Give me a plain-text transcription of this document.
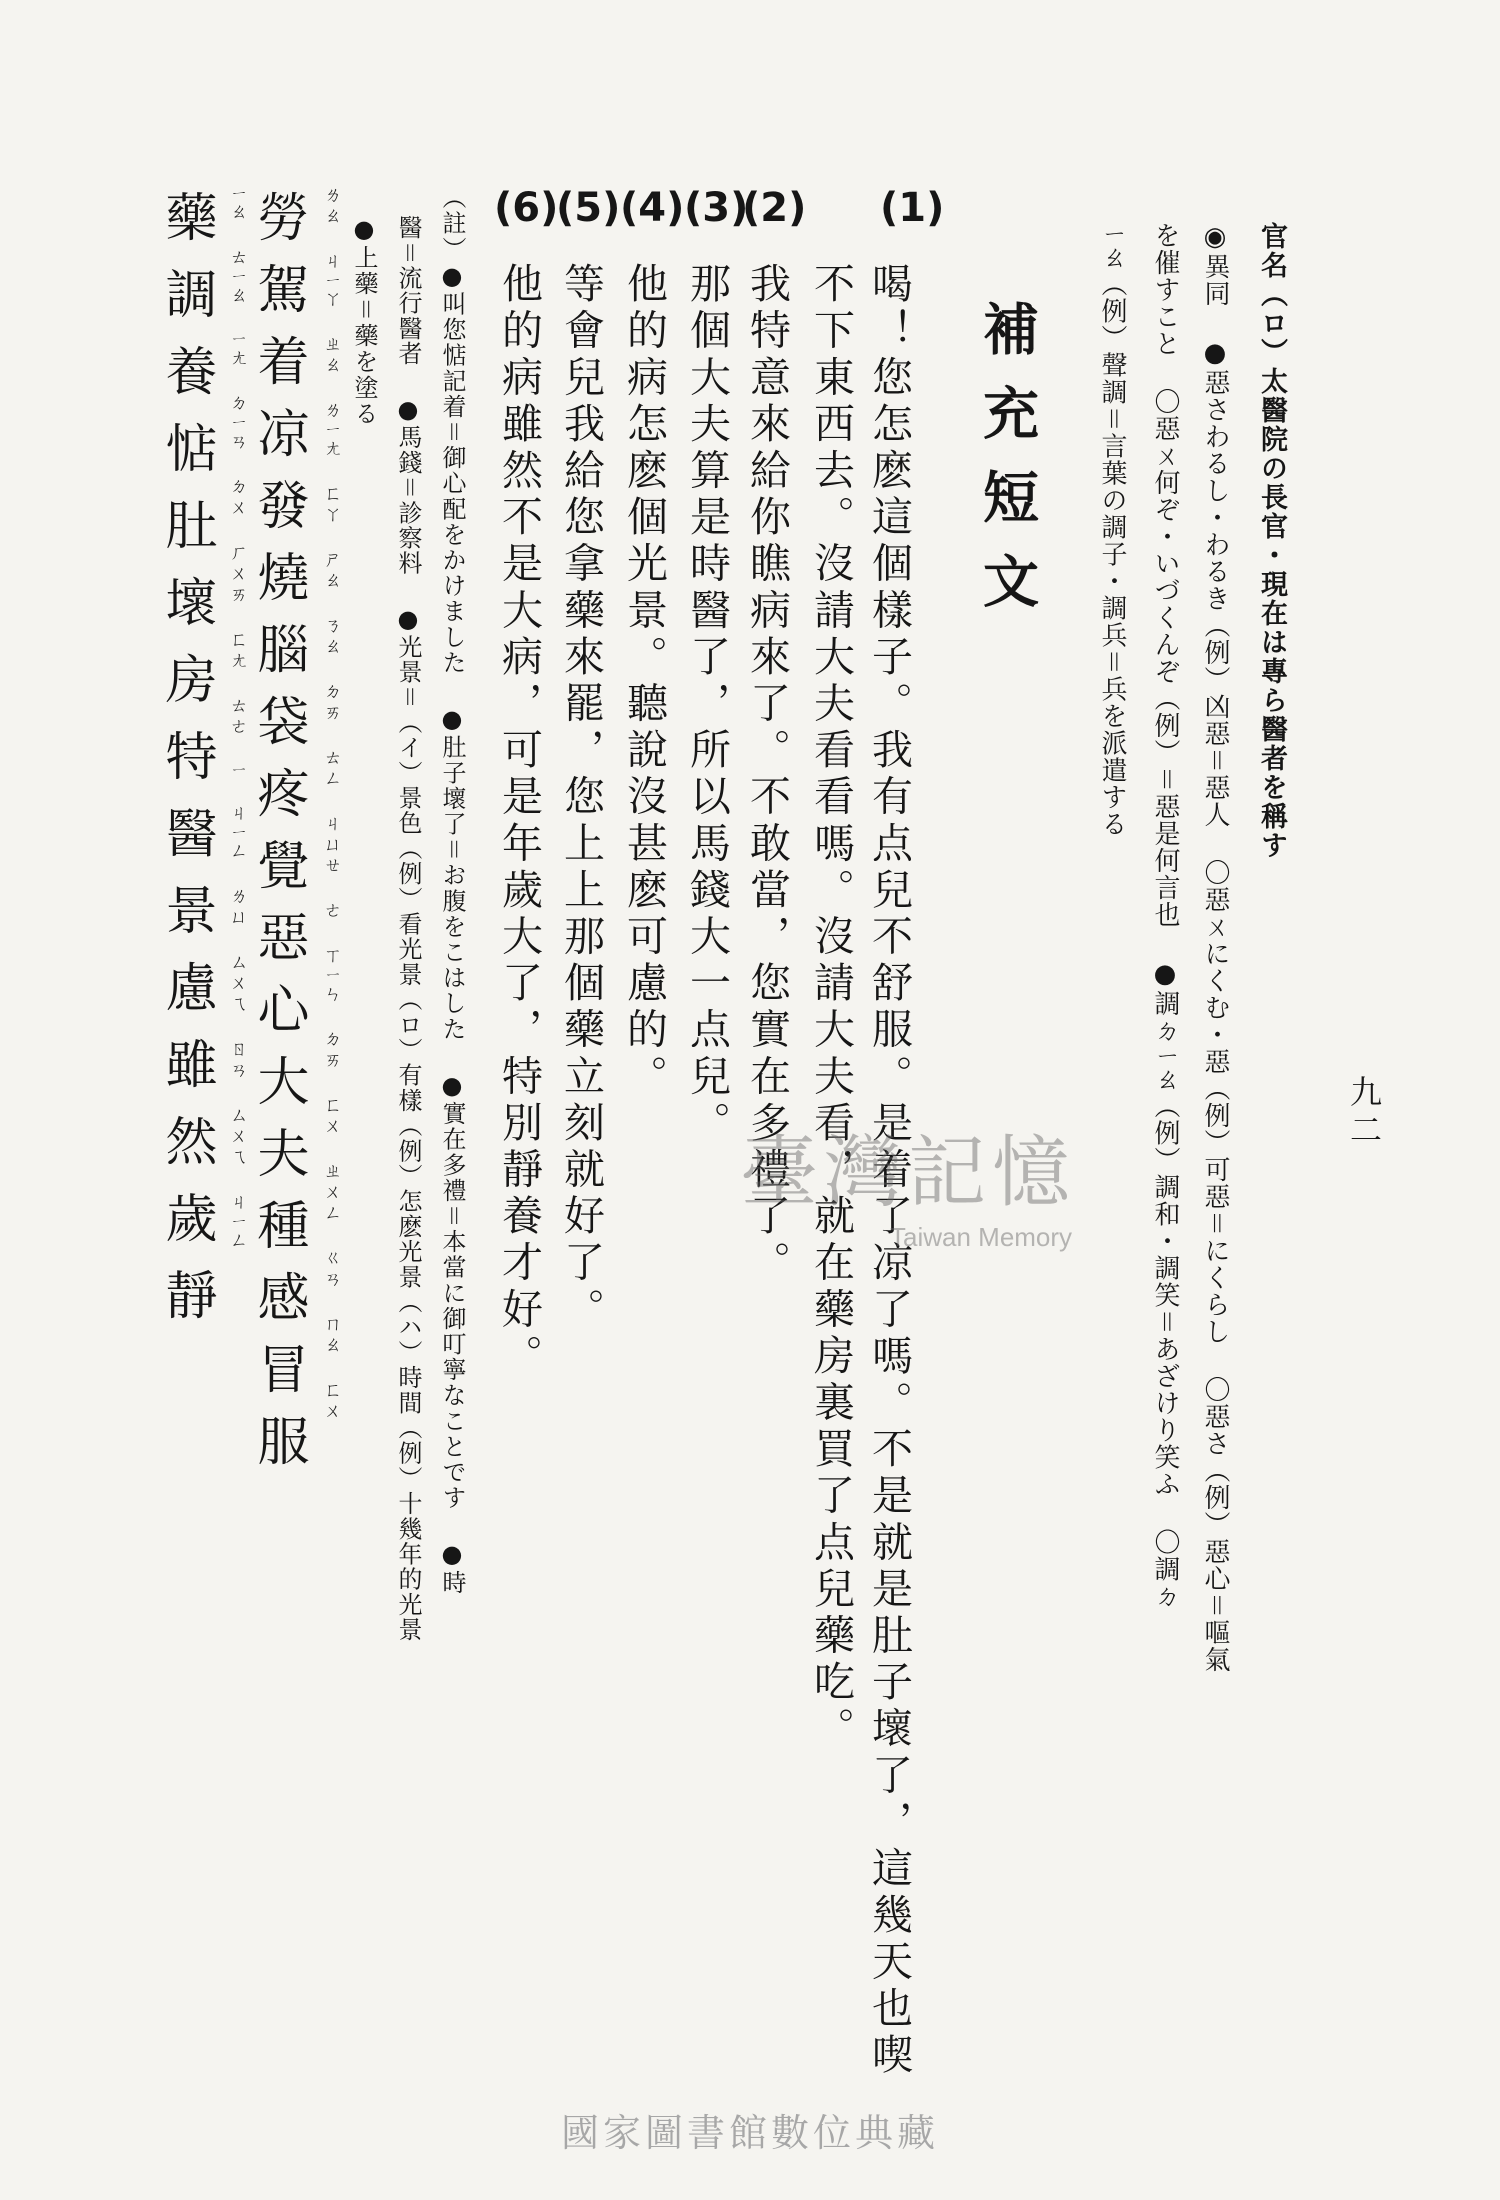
九二
官名（ロ）太醫院の長官・現在は專ら醫者を稱す
◉異同 ●惡さわるし・わるき（例）凶惡＝惡人 〇惡ㄨにくむ・惡（例）可惡＝にくらし 〇惡さ（例）惡心＝嘔氣
を催すこと 〇惡ㄨ何ぞ・いづくんぞ（例）＝惡是何言也 ●調ㄉㄧㄠ（例）調和・調笑＝あざけり笑ふ 〇調ㄉ
ㄧㄠ（例）聲調＝言葉の調子・調兵＝兵を派遣する
補充短文
(1)
(2)
(3)
(4)
(5)
(6)
喝！您怎麽這個樣子。我有点兒不舒服。是着了凉了嗎。不是就是肚子壞了，這幾天也喫
不下東西去。沒請大夫看看嗎。沒請大夫看，就在藥房裏買了点兒藥吃。
我特意來給你瞧病來了。不敢當，您實在多禮了。
那個大夫算是時醫了，所以馬錢大一点兒。
他的病怎麽個光景。聽說沒甚麽可慮的。
等會兒我給您拿藥來罷，您上上那個藥立刻就好了。
他的病雖然不是大病，可是年歲大了，特別靜養才好。
（註）●叫您惦記着＝御心配をかけました ●肚子壞了＝お腹をこはした ●實在多禮＝本當に御叮寧なことです ●時
醫＝流行醫者 ●馬錢＝診察料 ●光景＝（イ）景色（例）看光景（ロ）有樣（例）怎麽光景（ハ）時間（例）十幾年的光景
●上藥＝藥を塗る
ㄌㄠ ㄐㄧㄚ ㄓㄠ ㄌㄧㄤ ㄈㄚ ㄕㄠ ㄋㄠ ㄉㄞ ㄊㄥ ㄐㄩㄝ ㄜ ㄒㄧㄣ ㄉㄞ ㄈㄨ ㄓㄨㄥ ㄍㄢ ㄇㄠ ㄈㄨ
勞駕着凉發燒腦袋疼覺惡心大夫種感冒服
ㄧㄠ ㄊㄧㄠ ㄧㄤ ㄉㄧㄢ ㄉㄨ ㄏㄨㄞ ㄈㄤ ㄊㄜ ㄧ ㄐㄧㄥ ㄌㄩ ㄙㄨㄟ ㄖㄢ ㄙㄨㄟ ㄐㄧㄥ
藥調養惦肚壞房特醫景慮雖然歲靜	臺灣記憶
Taiwan Memory
國家圖書館數位典藏
